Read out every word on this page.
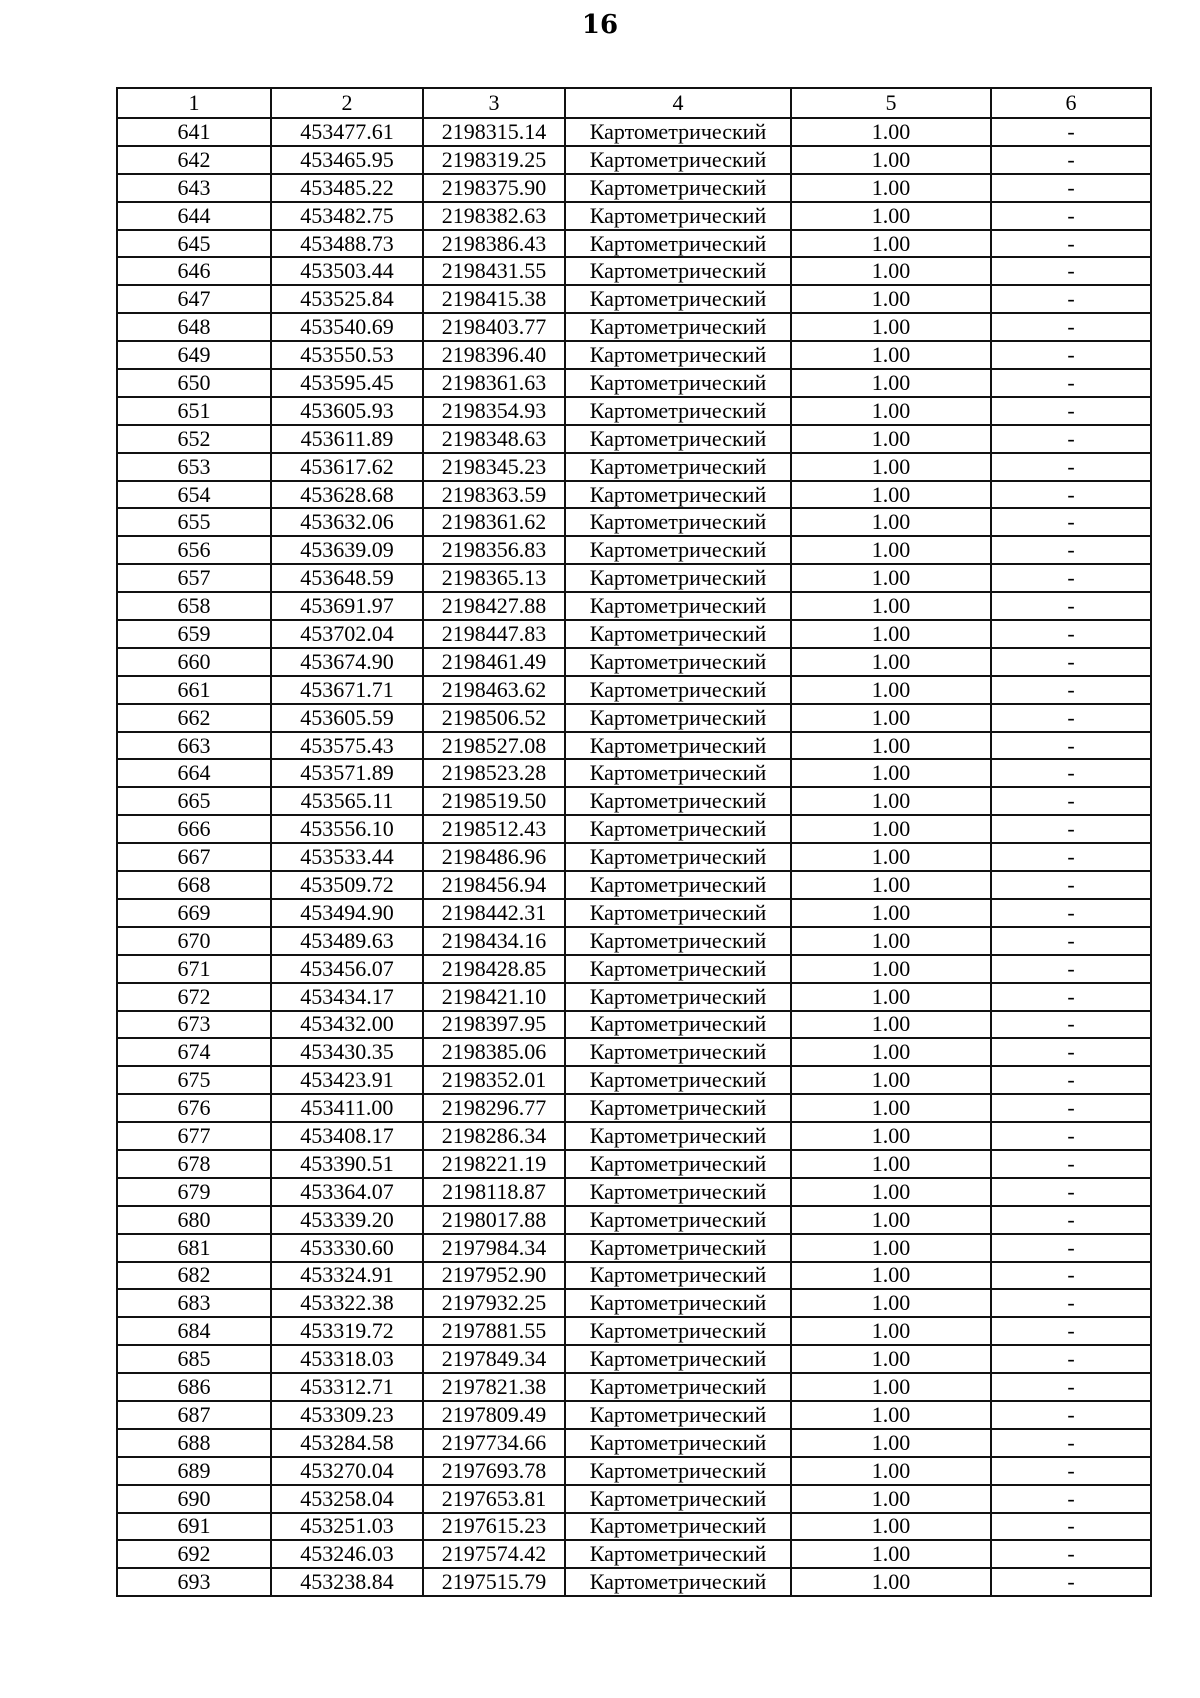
16
1	2	3	4	5	6
641	453477.61	2198315.14	Картометрический	1.00	-
642	453465.95	2198319.25	Картометрический	1.00	-
643	453485.22	2198375.90	Картометрический	1.00	-
644	453482.75	2198382.63	Картометрический	1.00	-
645	453488.73	2198386.43	Картометрический	1.00	-
646	453503.44	2198431.55	Картометрический	1.00	-
647	453525.84	2198415.38	Картометрический	1.00	-
648	453540.69	2198403.77	Картометрический	1.00	-
649	453550.53	2198396.40	Картометрический	1.00	-
650	453595.45	2198361.63	Картометрический	1.00	-
651	453605.93	2198354.93	Картометрический	1.00	-
652	453611.89	2198348.63	Картометрический	1.00	-
653	453617.62	2198345.23	Картометрический	1.00	-
654	453628.68	2198363.59	Картометрический	1.00	-
655	453632.06	2198361.62	Картометрический	1.00	-
656	453639.09	2198356.83	Картометрический	1.00	-
657	453648.59	2198365.13	Картометрический	1.00	-
658	453691.97	2198427.88	Картометрический	1.00	-
659	453702.04	2198447.83	Картометрический	1.00	-
660	453674.90	2198461.49	Картометрический	1.00	-
661	453671.71	2198463.62	Картометрический	1.00	-
662	453605.59	2198506.52	Картометрический	1.00	-
663	453575.43	2198527.08	Картометрический	1.00	-
664	453571.89	2198523.28	Картометрический	1.00	-
665	453565.11	2198519.50	Картометрический	1.00	-
666	453556.10	2198512.43	Картометрический	1.00	-
667	453533.44	2198486.96	Картометрический	1.00	-
668	453509.72	2198456.94	Картометрический	1.00	-
669	453494.90	2198442.31	Картометрический	1.00	-
670	453489.63	2198434.16	Картометрический	1.00	-
671	453456.07	2198428.85	Картометрический	1.00	-
672	453434.17	2198421.10	Картометрический	1.00	-
673	453432.00	2198397.95	Картометрический	1.00	-
674	453430.35	2198385.06	Картометрический	1.00	-
675	453423.91	2198352.01	Картометрический	1.00	-
676	453411.00	2198296.77	Картометрический	1.00	-
677	453408.17	2198286.34	Картометрический	1.00	-
678	453390.51	2198221.19	Картометрический	1.00	-
679	453364.07	2198118.87	Картометрический	1.00	-
680	453339.20	2198017.88	Картометрический	1.00	-
681	453330.60	2197984.34	Картометрический	1.00	-
682	453324.91	2197952.90	Картометрический	1.00	-
683	453322.38	2197932.25	Картометрический	1.00	-
684	453319.72	2197881.55	Картометрический	1.00	-
685	453318.03	2197849.34	Картометрический	1.00	-
686	453312.71	2197821.38	Картометрический	1.00	-
687	453309.23	2197809.49	Картометрический	1.00	-
688	453284.58	2197734.66	Картометрический	1.00	-
689	453270.04	2197693.78	Картометрический	1.00	-
690	453258.04	2197653.81	Картометрический	1.00	-
691	453251.03	2197615.23	Картометрический	1.00	-
692	453246.03	2197574.42	Картометрический	1.00	-
693	453238.84	2197515.79	Картометрический	1.00	-
